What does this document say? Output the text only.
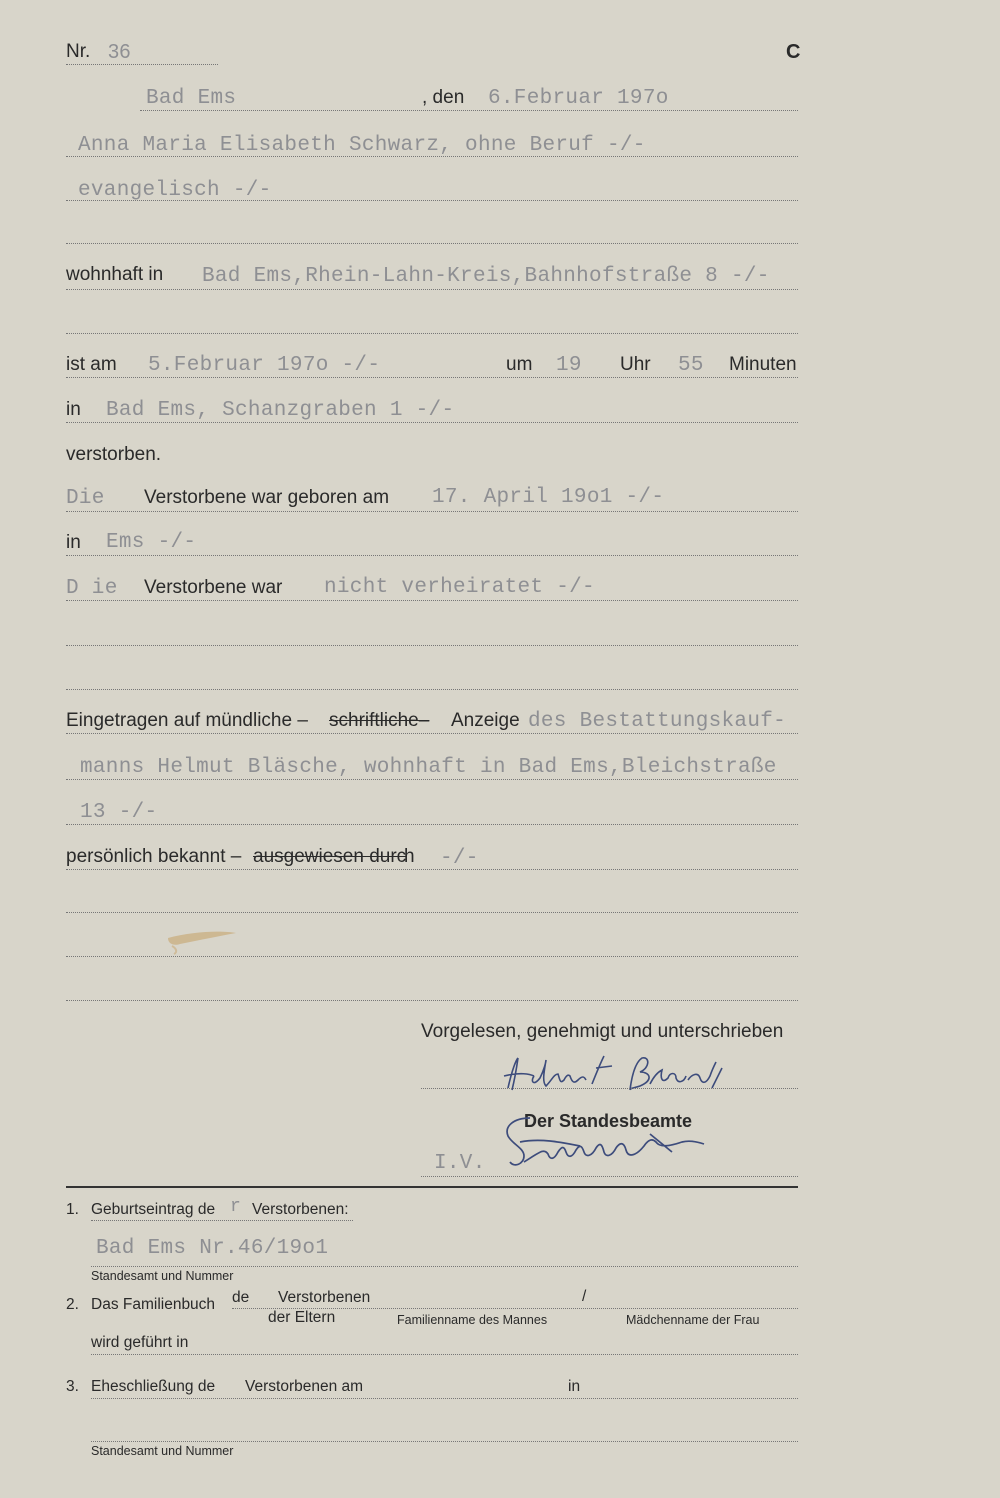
Nr. 36	C
Bad Ems	, den 6.Februar 197o
Anna Maria Elisabeth Schwarz, ohne Beruf -/-
evangelisch -/-
wohnhaft in Bad Ems,Rhein-Lahn-Kreis,Bahnhofstraße 8 -/-
ist am 5.Februar 197o -/-	um 19 Uhr 55 Minuten
in Bad Ems, Schanzgraben 1 -/-
verstorben.
Die Verstorbene war geboren am 17. April 19o1 -/-
in Ems -/-
D ie Verstorbene war nicht verheiratet -/-
Eingetragen auf mündliche – schriftliche– Anzeige des Bestattungskauf-
manns Helmut Bläsche, wohnhaft in Bad Ems,Bleichstraße
13 -/-
persönlich bekannt – ausgewiesen durc
h -/-
Vorgelesen, genehmigt und unterschrieben
Der Standesbeamte
I.V.
1. Geburtseintrag de r Verstorbenen:
Bad Ems Nr.46/19o1
Standesamt und Nummer
2. Das Familienbuch de Verstorbenen	/
der Eltern	Familienname des Mannes	Mädchenname der Frau
wird geführt in
3. Eheschließung de Verstorbenen am	in
Standesamt und Nummer
